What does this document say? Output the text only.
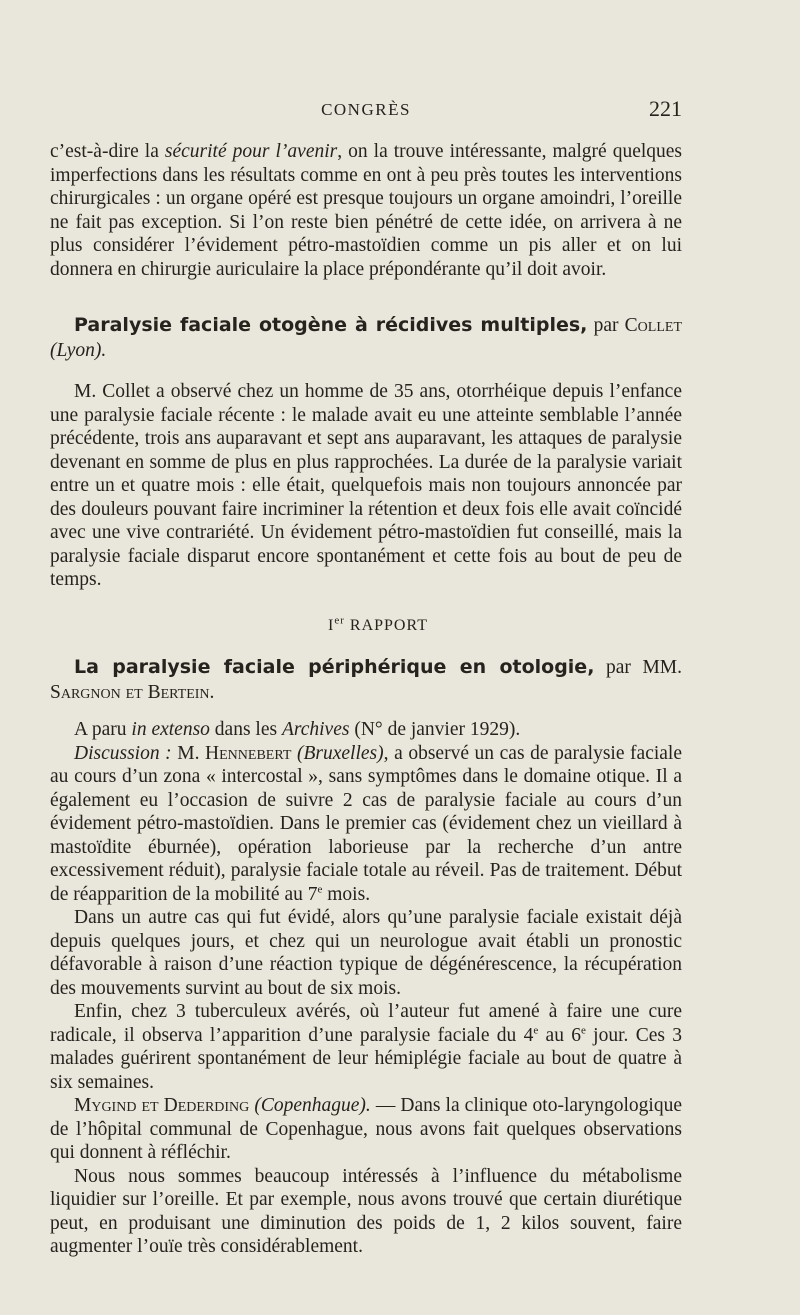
CONGRÈS	221

c’est-à-dire la sécurité pour l’avenir, on la trouve intéressante, malgré quelques imperfections dans les résultats comme en ont à peu près toutes les interventions chirurgicales : un organe opéré est presque toujours un organe amoindri, l’oreille ne fait pas exception. Si l’on reste bien pénétré de cette idée, on arrivera à ne plus considérer l’évidement pétro-mastoïdien comme un pis aller et on lui donnera en chirurgie auriculaire la place prépondérante qu’il doit avoir.

Paralysie faciale otogène à récidives multiples, par Collet (Lyon).

M. Collet a observé chez un homme de 35 ans, otorrhéique depuis l’enfance une paralysie faciale récente : le malade avait eu une atteinte semblable l’année précédente, trois ans auparavant et sept ans auparavant, les attaques de paralysie devenant en somme de plus en plus rapprochées. La durée de la paralysie variait entre un et quatre mois : elle était, quelquefois mais non toujours annoncée par des douleurs pouvant faire incriminer la rétention et deux fois elle avait coïncidé avec une vive contrariété. Un évidement pétro-mastoïdien fut conseillé, mais la paralysie faciale disparut encore spontanément et cette fois au bout de peu de temps.

Ier RAPPORT

La paralysie faciale périphérique en otologie, par MM. Sargnon et Bertein.

A paru in extenso dans les Archives (N° de janvier 1929).

Discussion : M. Hennebert (Bruxelles), a observé un cas de paralysie faciale au cours d’un zona « intercostal », sans symptômes dans le domaine otique. Il a également eu l’occasion de suivre 2 cas de paralysie faciale au cours d’un évidement pétro-mastoïdien. Dans le premier cas (évidement chez un vieillard à mastoïdite éburnée), opération laborieuse par la recherche d’un antre excessivement réduit), paralysie faciale totale au réveil. Pas de traitement. Début de réapparition de la mobilité au 7e mois.

Dans un autre cas qui fut évidé, alors qu’une paralysie faciale existait déjà depuis quelques jours, et chez qui un neurologue avait établi un pronostic défavorable à raison d’une réaction typique de dégénérescence, la récupération des mouvements survint au bout de six mois.

Enfin, chez 3 tuberculeux avérés, où l’auteur fut amené à faire une cure radicale, il observa l’apparition d’une paralysie faciale du 4e au 6e jour. Ces 3 malades guérirent spontanément de leur hémiplégie faciale au bout de quatre à six semaines.

Mygind et Dederding (Copenhague). — Dans la clinique oto-laryngologique de l’hôpital communal de Copenhague, nous avons fait quelques observations qui donnent à réfléchir.

Nous nous sommes beaucoup intéressés à l’influence du métabolisme liquidier sur l’oreille. Et par exemple, nous avons trouvé que certain diurétique peut, en produisant une diminution des poids de 1, 2 kilos souvent, faire augmenter l’ouïe très considérablement.
